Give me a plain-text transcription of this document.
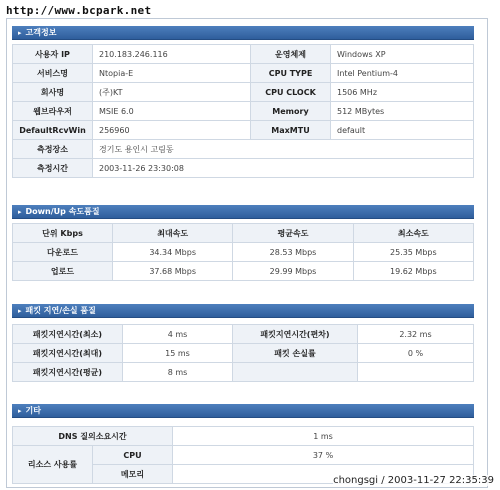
http://www.bcpark.net
▸ 고객정보
사용자 IP	210.183.246.116	운영체제	Windows XP
서비스명	Ntopia-E	CPU TYPE	Intel Pentium-4
회사명	(주)KT	CPU CLOCK	1506 MHz
웹브라우저	MSIE 6.0	Memory	512 MBytes
DefaultRcvWin	256960	MaxMTU	default
측정장소	경기도 용인시 고림동		
측정시간	2003-11-26 23:30:08		
▸ Down/Up 속도품질
단위 Kbps	최대속도	평균속도	최소속도
다운로드	34.34 Mbps	28.53 Mbps	25.35 Mbps
업로드	37.68 Mbps	29.99 Mbps	19.62 Mbps
▸ 패킷 지연/손실 품질
패킷지연시간(최소)	4 ms	패킷지연시간(편차)	2.32 ms
패킷지연시간(최대)	15 ms	패킷 손실률	0 %
패킷지연시간(평균)	8 ms		
▸ 기타
DNS 질의소요시간		1 ms
리소스 사용률	CPU	37 %
	메모리	
chongsgi / 2003-11-27 22:35:39
